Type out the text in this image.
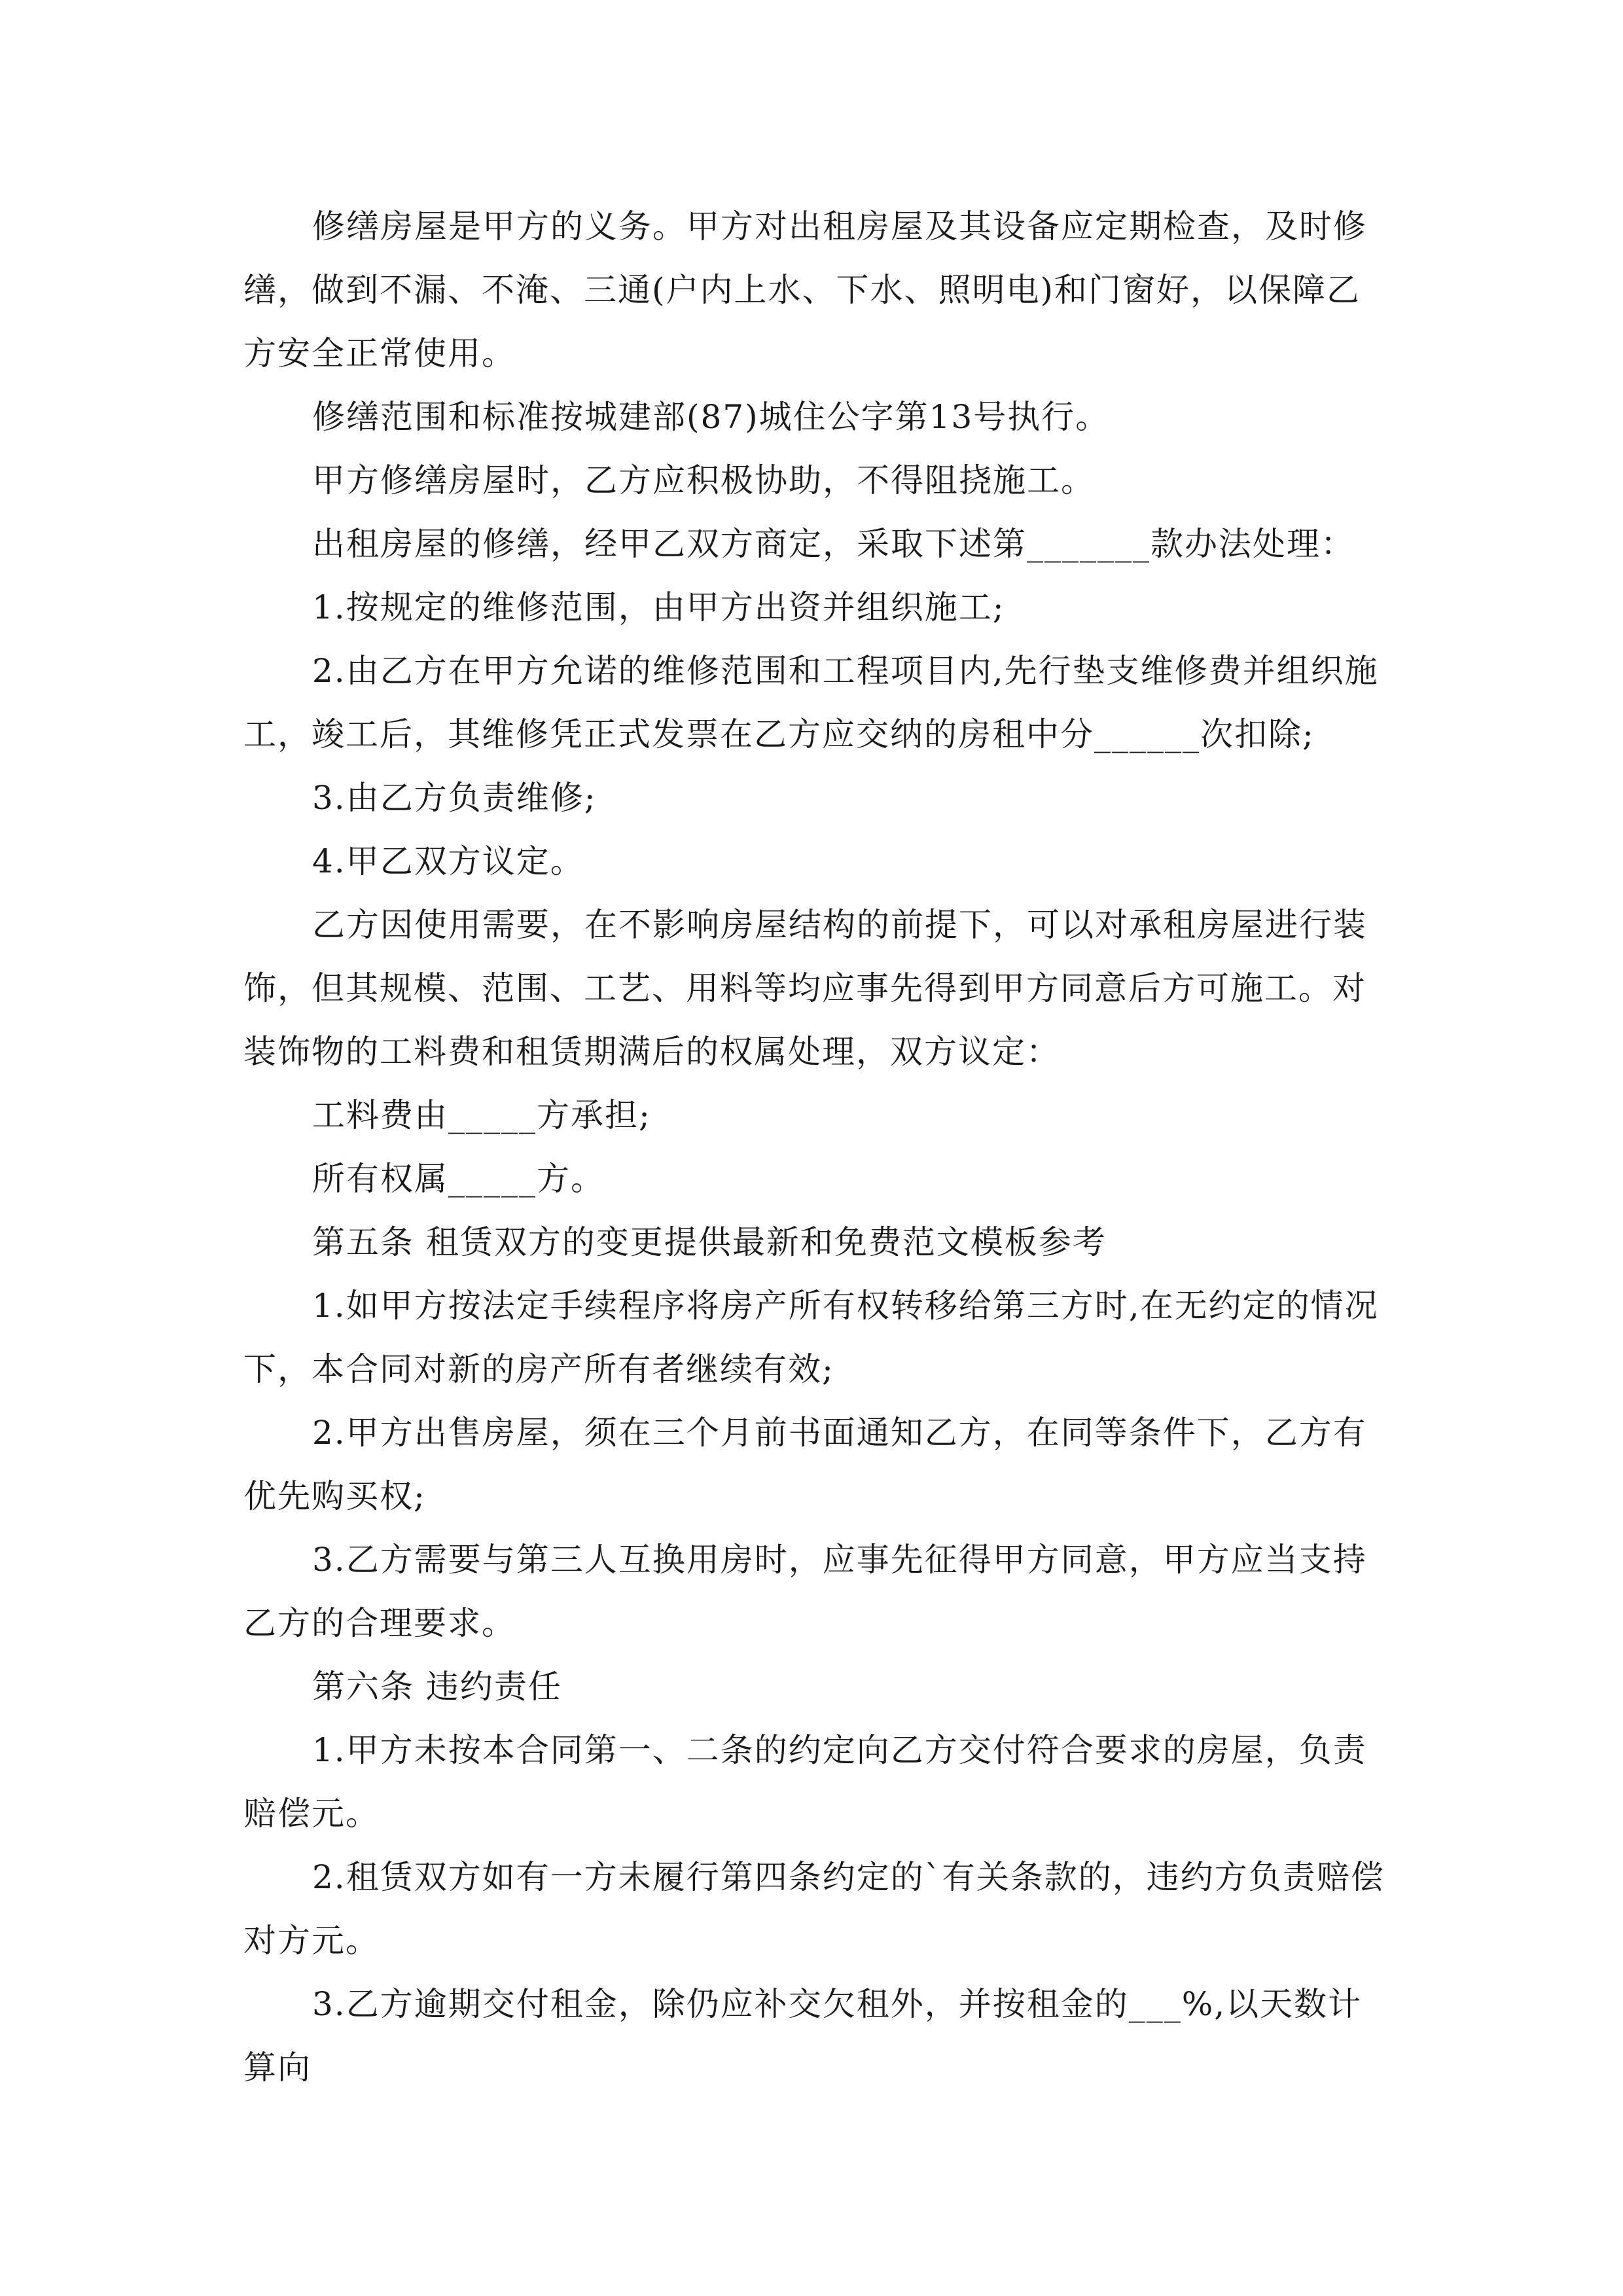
修缮房屋是甲方的义务。甲方对出租房屋及其设备应定期检查，及时修缮，做到不漏、不淹、三通(户内上水、下水、照明电)和门窗好，以保障乙方安全正常使用。

修缮范围和标准按城建部(87)城住公字第13号执行。

甲方修缮房屋时，乙方应积极协助，不得阻挠施工。

出租房屋的修缮，经甲乙双方商定，采取下述第_______款办法处理：

1.按规定的维修范围，由甲方出资并组织施工;

2.由乙方在甲方允诺的维修范围和工程项目内,先行垫支维修费并组织施工，竣工后，其维修凭正式发票在乙方应交纳的房租中分______次扣除;

3.由乙方负责维修;

4.甲乙双方议定。

乙方因使用需要，在不影响房屋结构的前提下，可以对承租房屋进行装饰，但其规模、范围、工艺、用料等均应事先得到甲方同意后方可施工。对装饰物的工料费和租赁期满后的权属处理，双方议定：

工料费由_____方承担;

所有权属_____方。

第五条 租赁双方的变更提供最新和免费范文模板参考

1.如甲方按法定手续程序将房产所有权转移给第三方时,在无约定的情况下，本合同对新的房产所有者继续有效;

2.甲方出售房屋，须在三个月前书面通知乙方，在同等条件下，乙方有优先购买权;

3.乙方需要与第三人互换用房时，应事先征得甲方同意，甲方应当支持乙方的合理要求。

第六条 违约责任

1.甲方未按本合同第一、二条的约定向乙方交付符合要求的房屋，负责赔偿元。

2.租赁双方如有一方未履行第四条约定的`有关条款的，违约方负责赔偿对方元。

3.乙方逾期交付租金，除仍应补交欠租外，并按租金的___%,以天数计算向
